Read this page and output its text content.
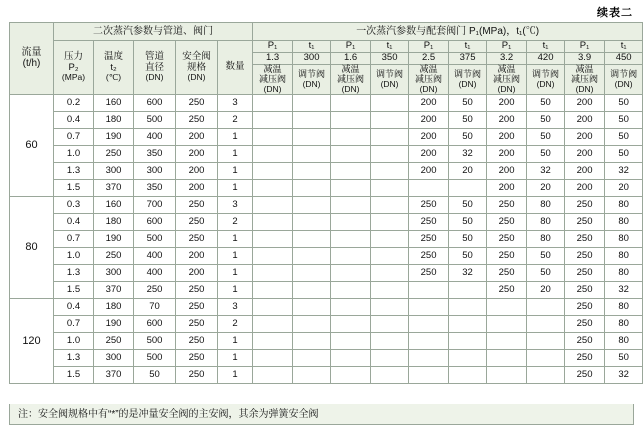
续表二
流量
(t/h)	二次蒸汽参数与管道、阀门					一次蒸汽参数与配套阀门 P₁(MPa)，t₁(℃)									

	压力
P₂
(MPa)	温度
t₂
(℃)	管道
直径
(DN)	安全阀
规格
(DN)	数量	P₁	t₁	P₁	t₁	P₁	t₁	P₁	t₁	P₁	t₁
						1.3	300	1.6	350	2.5	375	3.2	420	3.9	450

						减温
减压阀
(DN)	调节阀
(DN)	减温
减压阀
(DN)	调节阀
(DN)	减温
减压阀
(DN)	调节阀
(DN)	减温
减压阀
(DN)	调节阀
(DN)	减温
减压阀
(DN)	调节阀
(DN)

60	0.2	160	600	250	3					200	50	200	50	200	50
	0.4	180	500	250	2					200	50	200	50	200	50
	0.7	190	400	200	1					200	50	200	50	200	50
	1.0	250	350	200	1					200	32	200	50	200	50
	1.3	300	300	200	1					200	20	200	32	200	32
	1.5	370	350	200	1							200	20	200	20
80	0.3	160	700	250	3					250	50	250	80	250	80
	0.4	180	600	250	2					250	50	250	80	250	80
	0.7	190	500	250	1					250	50	250	80	250	80
	1.0	250	400	200	1					250	50	250	50	250	80
	1.3	300	400	200	1					250	32	250	50	250	80
	1.5	370	250	250	1							250	20	250	32
120	0.4	180	70	250	3									250	80
	0.7	190	600	250	2									250	80
	1.0	250	500	250	1									250	80
	1.3	300	500	250	1									250	50
	1.5	370	50	250	1									250	32
注：安全阀规格中有“*”的是冲量安全阀的主安阀，其余为弹簧安全阀
